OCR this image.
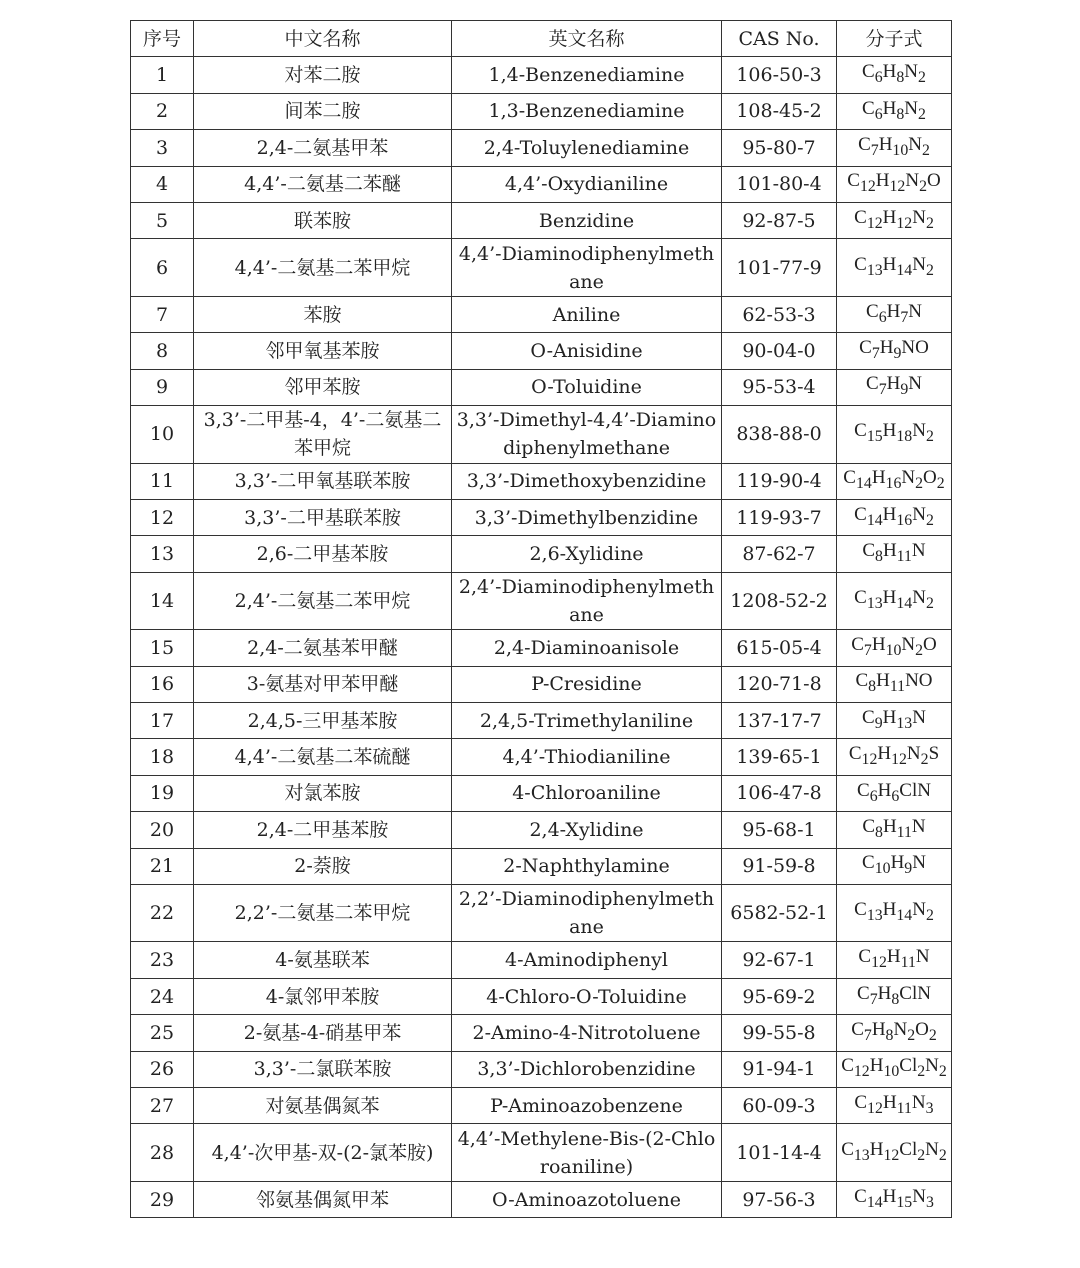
序号	中文名称	英文名称	CAS No.	分子式
1	对苯二胺	1,4-Benzenediamine	106-50-3	$C_6H_8N_2$
2	间苯二胺	1,3-Benzenediamine	108-45-2	$C_6H_8N_2$
3	2,4-二氨基甲苯	2,4-Toluylenediamine	95-80-7	$C_7H_{10}N_2$
4	4,4’-二氨基二苯醚	4,4’-Oxydianiline	101-80-4	$C_{12}H_{12}N_2O$
5	联苯胺	Benzidine	92-87-5	$C_{12}H_{12}N_2$
6	4,4’-二氨基二苯甲烷	4,4’-Diaminodiphenylmethane	101-77-9	$C_{13}H_{14}N_2$
7	苯胺	Aniline	62-53-3	$C_6H_7N$
8	邻甲氧基苯胺	O-Anisidine	90-04-0	$C_7H_9NO$
9	邻甲苯胺	O-Toluidine	95-53-4	$C_7H_9N$
10	3,3’-二甲基-4，4’-二氨基二苯甲烷	3,3’-Dimethyl-4,4’-Diaminodiphenylmethane	838-88-0	$C_{15}H_{18}N_2$
11	3,3’-二甲氧基联苯胺	3,3’-Dimethoxybenzidine	119-90-4	$C_{14}H_{16}N_2O_2$
12	3,3’-二甲基联苯胺	3,3’-Dimethylbenzidine	119-93-7	$C_{14}H_{16}N_2$
13	2,6-二甲基苯胺	2,6-Xylidine	87-62-7	$C_8H_{11}N$
14	2,4’-二氨基二苯甲烷	2,4’-Diaminodiphenylmethane	1208-52-2	$C_{13}H_{14}N_2$
15	2,4-二氨基苯甲醚	2,4-Diaminoanisole	615-05-4	$C_7H_{10}N_2O$
16	3-氨基对甲苯甲醚	P-Cresidine	120-71-8	$C_8H_{11}NO$
17	2,4,5-三甲基苯胺	2,4,5-Trimethylaniline	137-17-7	$C_9H_{13}N$
18	4,4’-二氨基二苯硫醚	4,4’-Thiodianiline	139-65-1	$C_{12}H_{12}N_2S$
19	对氯苯胺	4-Chloroaniline	106-47-8	$C_6H_6ClN$
20	2,4-二甲基苯胺	2,4-Xylidine	95-68-1	$C_8H_{11}N$
21	2-萘胺	2-Naphthylamine	91-59-8	$C_{10}H_9N$
22	2,2’-二氨基二苯甲烷	2,2’-Diaminodiphenylmethane	6582-52-1	$C_{13}H_{14}N_2$
23	4-氨基联苯	4-Aminodiphenyl	92-67-1	$C_{12}H_{11}N$
24	4-氯邻甲苯胺	4-Chloro-O-Toluidine	95-69-2	$C_7H_8ClN$
25	2-氨基-4-硝基甲苯	2-Amino-4-Nitrotoluene	99-55-8	$C_7H_8N_2O_2$
26	3,3’-二氯联苯胺	3,3’-Dichlorobenzidine	91-94-1	$C_{12}H_{10}Cl_2N_2$
27	对氨基偶氮苯	P-Aminoazobenzene	60-09-3	$C_{12}H_{11}N_3$
28	4,4’-次甲基-双-(2-氯苯胺)	4,4’-Methylene-Bis-(2-Chloroaniline)	101-14-4	$C_{13}H_{12}Cl_2N_2$
29	邻氨基偶氮甲苯	O-Aminoazotoluene	97-56-3	$C_{14}H_{15}N_3$
